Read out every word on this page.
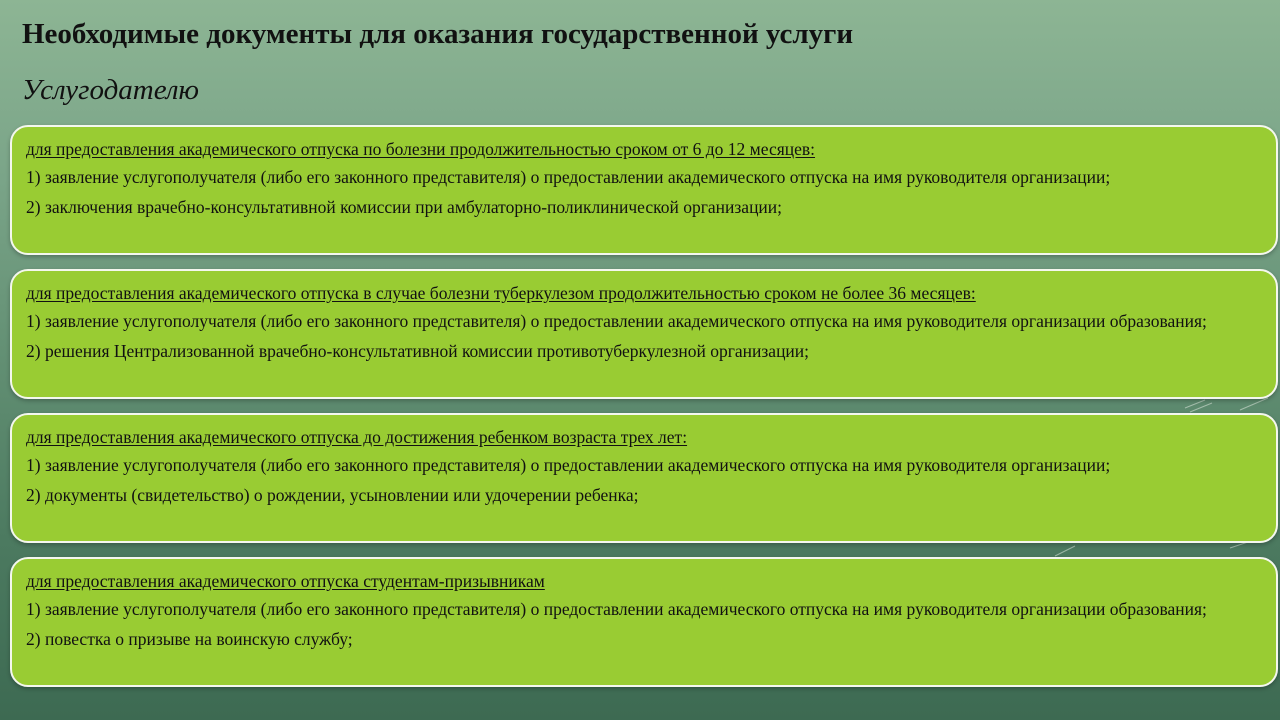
Необходимые документы для оказания государственной услуги
Услугодателю
для предоставления академического отпуска по болезни продолжительностью сроком от 6 до 12 месяцев:
1) заявление услугополучателя (либо его законного представителя) о предоставлении академического отпуска на имя руководителя организации;
2) заключения врачебно-консультативной комиссии при амбулаторно-поликлинической организации;
для предоставления академического отпуска в случае болезни туберкулезом продолжительностью сроком не более 36 месяцев:
1) заявление услугополучателя (либо его законного представителя) о предоставлении академического отпуска на имя руководителя организации образования;
2) решения Централизованной врачебно-консультативной комиссии противотуберкулезной организации;
для предоставления академического отпуска до достижения ребенком возраста трех лет:
1) заявление услугополучателя (либо его законного представителя) о предоставлении академического отпуска на имя руководителя организации;
2) документы (свидетельство) о рождении, усыновлении или удочерении ребенка;
для предоставления академического отпуска студентам-призывникам
1) заявление услугополучателя (либо его законного представителя) о предоставлении академического отпуска на имя руководителя организации образования;
2) повестка о призыве на воинскую службу;
